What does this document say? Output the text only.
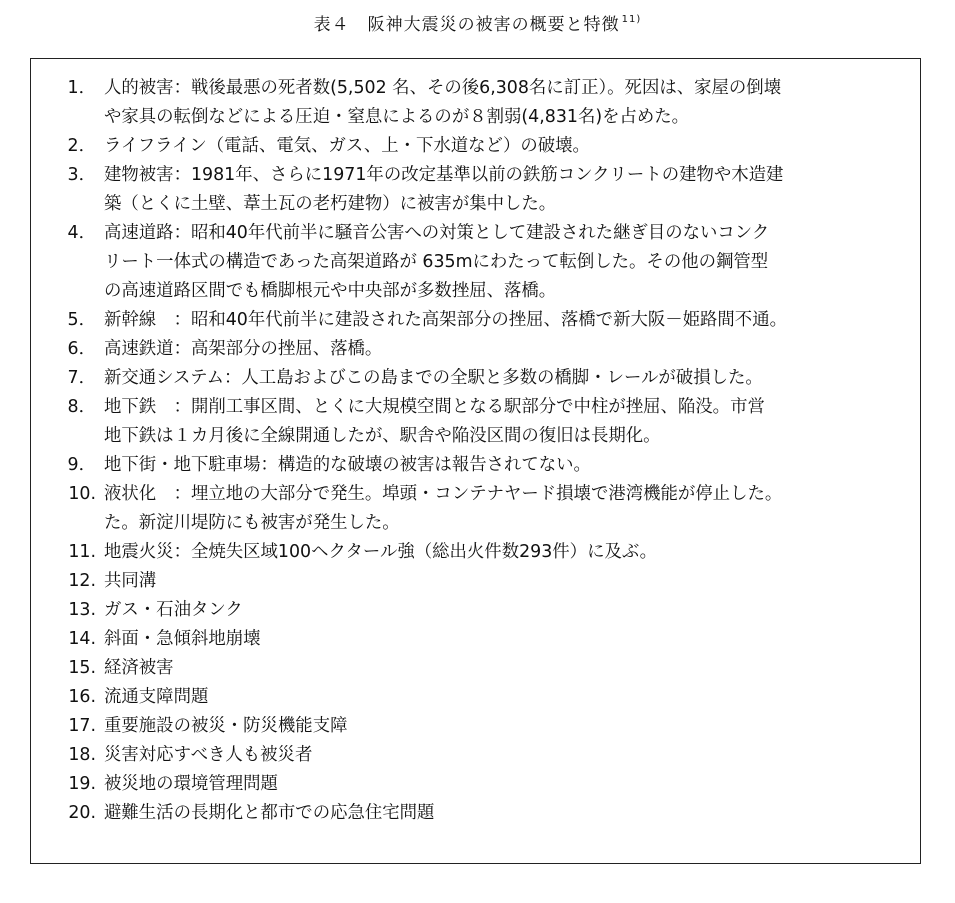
表４ 阪神大震災の被害の概要と特徴 $^{11)}$
1． 人的被害：戦後最悪の死者数(5,502 名、その後6,308名に訂正）。死因は、家屋の倒壊
や家具の転倒などによる圧迫・窒息によるのが８割弱(4,831名)を占めた。
2． ライフライン（電話、電気、ガス、上・下水道など）の破壊。
3． 建物被害：1981年、さらに1971年の改定基準以前の鉄筋コンクリートの建物や木造建
築（とくに土壁、葦土瓦の老朽建物）に被害が集中した。
4． 高速道路：昭和40年代前半に騒音公害への対策として建設された継ぎ目のないコンク
リート一体式の構造であった高架道路が 635mにわたって転倒した。その他の鋼管型
の高速道路区間でも橋脚根元や中央部が多数挫屈、落橋。
5． 新幹線　：昭和40年代前半に建設された高架部分の挫屈、落橋で新大阪－姫路間不通。
6． 高速鉄道：高架部分の挫屈、落橋。
7． 新交通システム：人工島およびこの島までの全駅と多数の橋脚・レールが破損した。
8． 地下鉄　：開削工事区間、とくに大規模空間となる駅部分で中柱が挫屈、陥没。市営
地下鉄は１カ月後に全線開通したが、駅舎や陥没区間の復旧は長期化。
9． 地下街・地下駐車場：構造的な破壊の被害は報告されてない。
10. 液状化　：埋立地の大部分で発生。埠頭・コンテナヤード損壊で港湾機能が停止した。
た。新淀川堤防にも被害が発生した。
11. 地震火災：全焼失区域100ヘクタール強（総出火件数293件）に及ぶ。
12. 共同溝
13. ガス・石油タンク
14. 斜面・急傾斜地崩壊
15. 経済被害
16. 流通支障問題
17. 重要施設の被災・防災機能支障
18. 災害対応すべき人も被災者
19. 被災地の環境管理問題
20. 避難生活の長期化と都市での応急住宅問題
